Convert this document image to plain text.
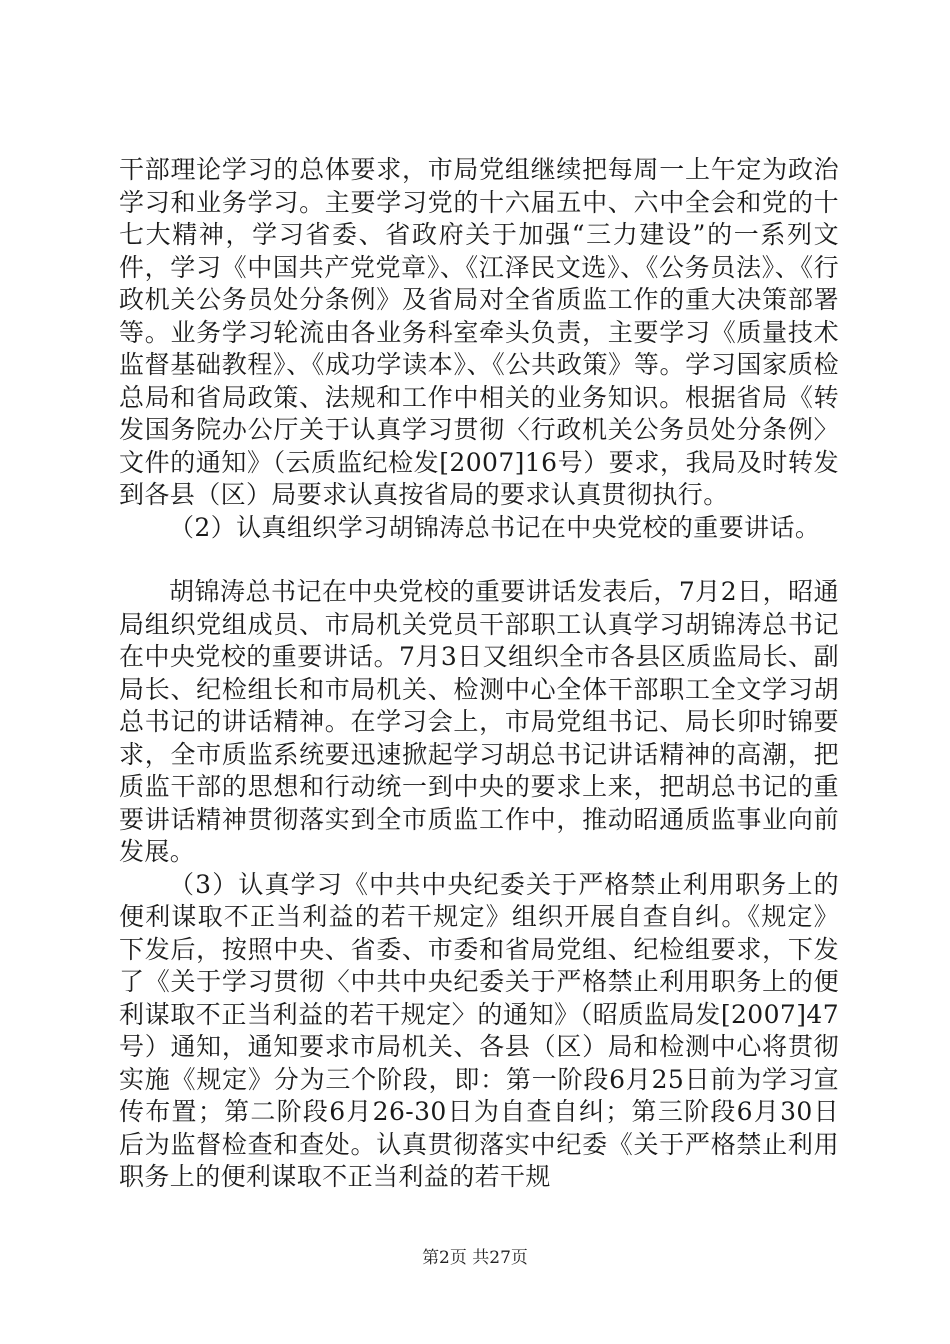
干部理论学习的总体要求，市局党组继续把每周一上午定为政治学习和业务学习。主要学习党的十六届五中、六中全会和党的十七大精神，学习省委、省政府关于加强“三力建设”的一系列文件，学习《中国共产党党章》、《江泽民文选》、《公务员法》、《行政机关公务员处分条例》及省局对全省质监工作的重大决策部署等。业务学习轮流由各业务科室牵头负责，主要学习《质量技术监督基础教程》、《成功学读本》、《公共政策》等。学习国家质检总局和省局政策、法规和工作中相关的业务知识。根据省局《转发国务院办公厅关于认真学习贯彻〈行政机关公务员处分条例〉文件的通知》（云质监纪检发[2007]16号）要求，我局及时转发到各县（区）局要求认真按省局的要求认真贯彻执行。

（2）认真组织学习胡锦涛总书记在中央党校的重要讲话。

胡锦涛总书记在中央党校的重要讲话发表后，7月2日，昭通局组织党组成员、市局机关党员干部职工认真学习胡锦涛总书记在中央党校的重要讲话。7月3日又组织全市各县区质监局长、副局长、纪检组长和市局机关、检测中心全体干部职工全文学习胡总书记的讲话精神。在学习会上，市局党组书记、局长卯时锦要求，全市质监系统要迅速掀起学习胡总书记讲话精神的高潮，把质监干部的思想和行动统一到中央的要求上来，把胡总书记的重要讲话精神贯彻落实到全市质监工作中，推动昭通质监事业向前发展。

（3）认真学习《中共中央纪委关于严格禁止利用职务上的便利谋取不正当利益的若干规定》组织开展自查自纠。《规定》下发后，按照中央、省委、市委和省局党组、纪检组要求，下发了《关于学习贯彻〈中共中央纪委关于严格禁止利用职务上的便利谋取不正当利益的若干规定〉的通知》（昭质监局发[2007]47号）通知，通知要求市局机关、各县（区）局和检测中心将贯彻实施《规定》分为三个阶段，即：第一阶段6月25日前为学习宣传布置；第二阶段6月26-30日为自查自纠；第三阶段6月30日后为监督检查和查处。认真贯彻落实中纪委《关于严格禁止利用职务上的便利谋取不正当利益的若干规

第2页 共27页
